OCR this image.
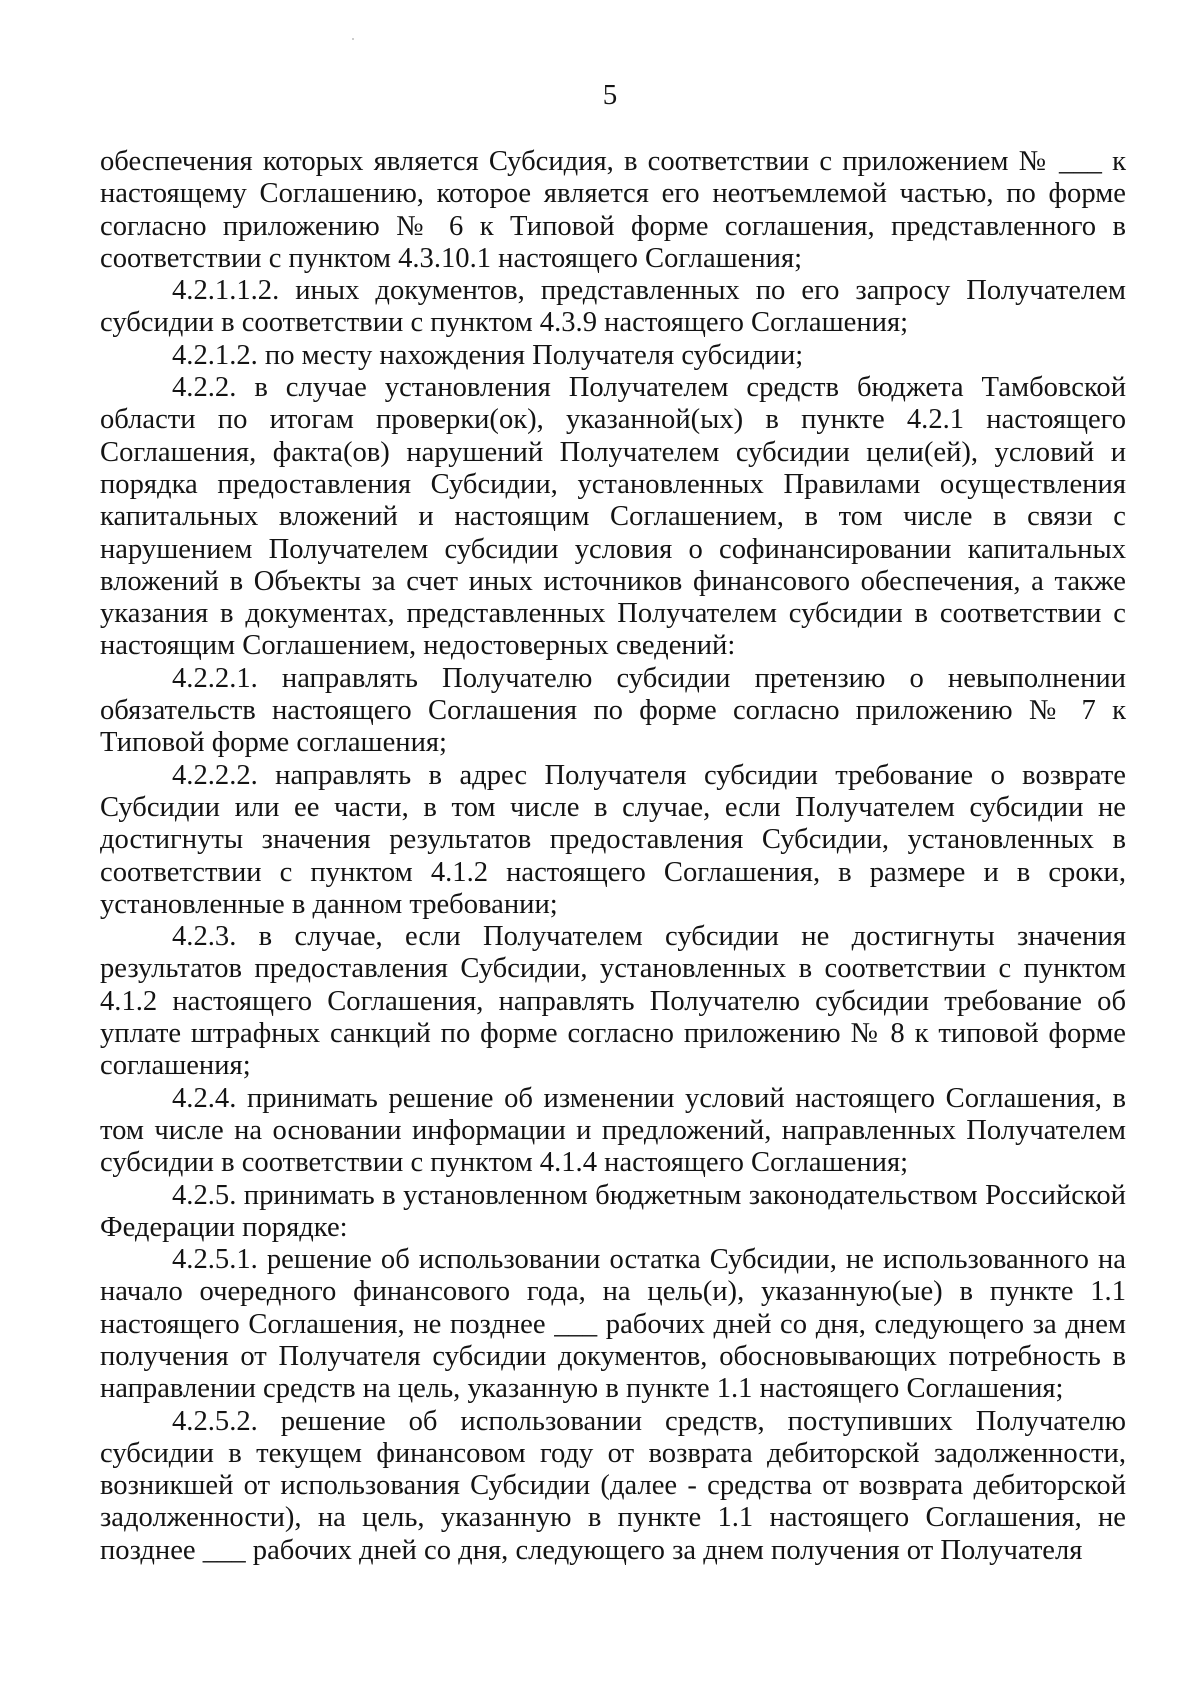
5

обеспечения которых является Субсидия, в соответствии с приложением № ___ к настоящему Соглашению, которое является его неотъемлемой частью, по форме согласно приложению № 6 к Типовой форме соглашения, представленного в соответствии с пунктом 4.3.10.1 настоящего Соглашения;

4.2.1.1.2. иных документов, представленных по его запросу Получателем субсидии в соответствии с пунктом 4.3.9 настоящего Соглашения;

4.2.1.2. по месту нахождения Получателя субсидии;

4.2.2. в случае установления Получателем средств бюджета Тамбовской области по итогам проверки(ок), указанной(ых) в пункте 4.2.1 настоящего Соглашения, факта(ов) нарушений Получателем субсидии цели(ей), условий и порядка предоставления Субсидии, установленных Правилами осуществления капитальных вложений и настоящим Соглашением, в том числе в связи с нарушением Получателем субсидии условия о софинансировании капитальных вложений в Объекты за счет иных источников финансового обеспечения, а также указания в документах, представленных Получателем субсидии в соответствии с настоящим Соглашением, недостоверных сведений:

4.2.2.1. направлять Получателю субсидии претензию о невыполнении обязательств настоящего Соглашения по форме согласно приложению № 7 к Типовой форме соглашения;

4.2.2.2. направлять в адрес Получателя субсидии требование о возврате Субсидии или ее части, в том числе в случае, если Получателем субсидии не достигнуты значения результатов предоставления Субсидии, установленных в соответствии с пунктом 4.1.2 настоящего Соглашения, в размере и в сроки, установленные в данном требовании;

4.2.3. в случае, если Получателем субсидии не достигнуты значения результатов предоставления Субсидии, установленных в соответствии с пунктом 4.1.2 настоящего Соглашения, направлять Получателю субсидии требование об уплате штрафных санкций по форме согласно приложению № 8 к типовой форме соглашения;

4.2.4. принимать решение об изменении условий настоящего Соглашения, в том числе на основании информации и предложений, направленных Получателем субсидии в соответствии с пунктом 4.1.4 настоящего Соглашения;

4.2.5. принимать в установленном бюджетным законодательством Российской Федерации порядке:

4.2.5.1. решение об использовании остатка Субсидии, не использованного на начало очередного финансового года, на цель(и), указанную(ые) в пункте 1.1 настоящего Соглашения, не позднее ___ рабочих дней со дня, следующего за днем получения от Получателя субсидии документов, обосновывающих потребность в направлении средств на цель, указанную в пункте 1.1 настоящего Соглашения;

4.2.5.2. решение об использовании средств, поступивших Получателю субсидии в текущем финансовом году от возврата дебиторской задолженности, возникшей от использования Субсидии (далее - средства от возврата дебиторской задолженности), на цель, указанную в пункте 1.1 настоящего Соглашения, не позднее ___ рабочих дней со дня, следующего за днем получения от Получателя
